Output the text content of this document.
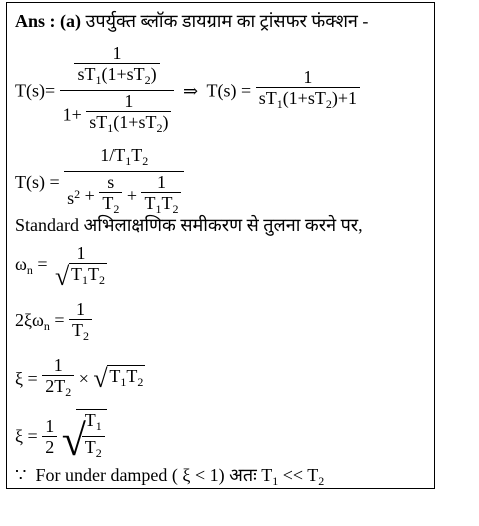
Ans : (a) उपर्युक्त ब्लॉक डायग्राम का ट्रांसफर फंक्शन -
$T(s)= \frac{\frac{1}{sT_1(1+sT_2)}}{1+ \frac{1}{sT_1(1+sT_2)}}$ ⇒ $T(s) = \frac{1}{sT_1(1+sT_2)+1}$
T(s) =
$1/T_1T_2$
$s^2 + \frac{s}{T_2} + \frac{1}{T_1T_2}$
Standard अभिलाक्षणिक समीकरण से तुलना करने पर,
$\omega_n$ =
1
√ $T_1T_2$
$2\xi\omega_n = \frac{1}{T_2}$
$\xi = \frac{1}{2T_2}$ × √ $T_1T_2$
$\xi = \frac{1}{2}$
√
$\frac{T_1}{T_2}$
∵  For under damped ( ξ < 1) अतः $T_1 << T_2$
